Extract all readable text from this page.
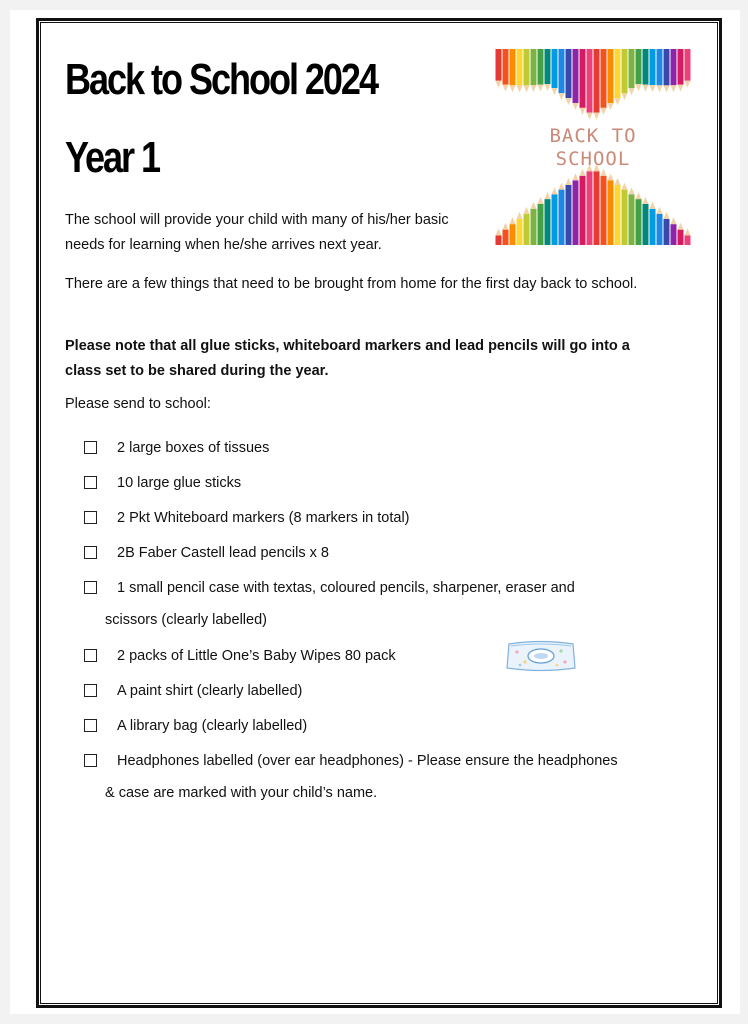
Back to School 2024
Year 1	BACK TO
SCHOOL

The school will provide your child with many of his/her basic needs for learning when he/she arrives next year.

There are a few things that need to be brought from home for the first day back to school.

Please note that all glue sticks, whiteboard markers and lead pencils will go into a class set to be shared during the year.

Please send to school:

2 large boxes of tissues
10 large glue sticks
2 Pkt Whiteboard markers (8 markers in total)
2B Faber Castell lead pencils x 8
1 small pencil case with textas, coloured pencils, sharpener, eraser and
scissors (clearly labelled)
2 packs of Little One’s Baby Wipes 80 pack
A paint shirt (clearly labelled)
A library bag (clearly labelled)
Headphones labelled (over ear headphones) - Please ensure the headphones
& case are marked with your child’s name.
